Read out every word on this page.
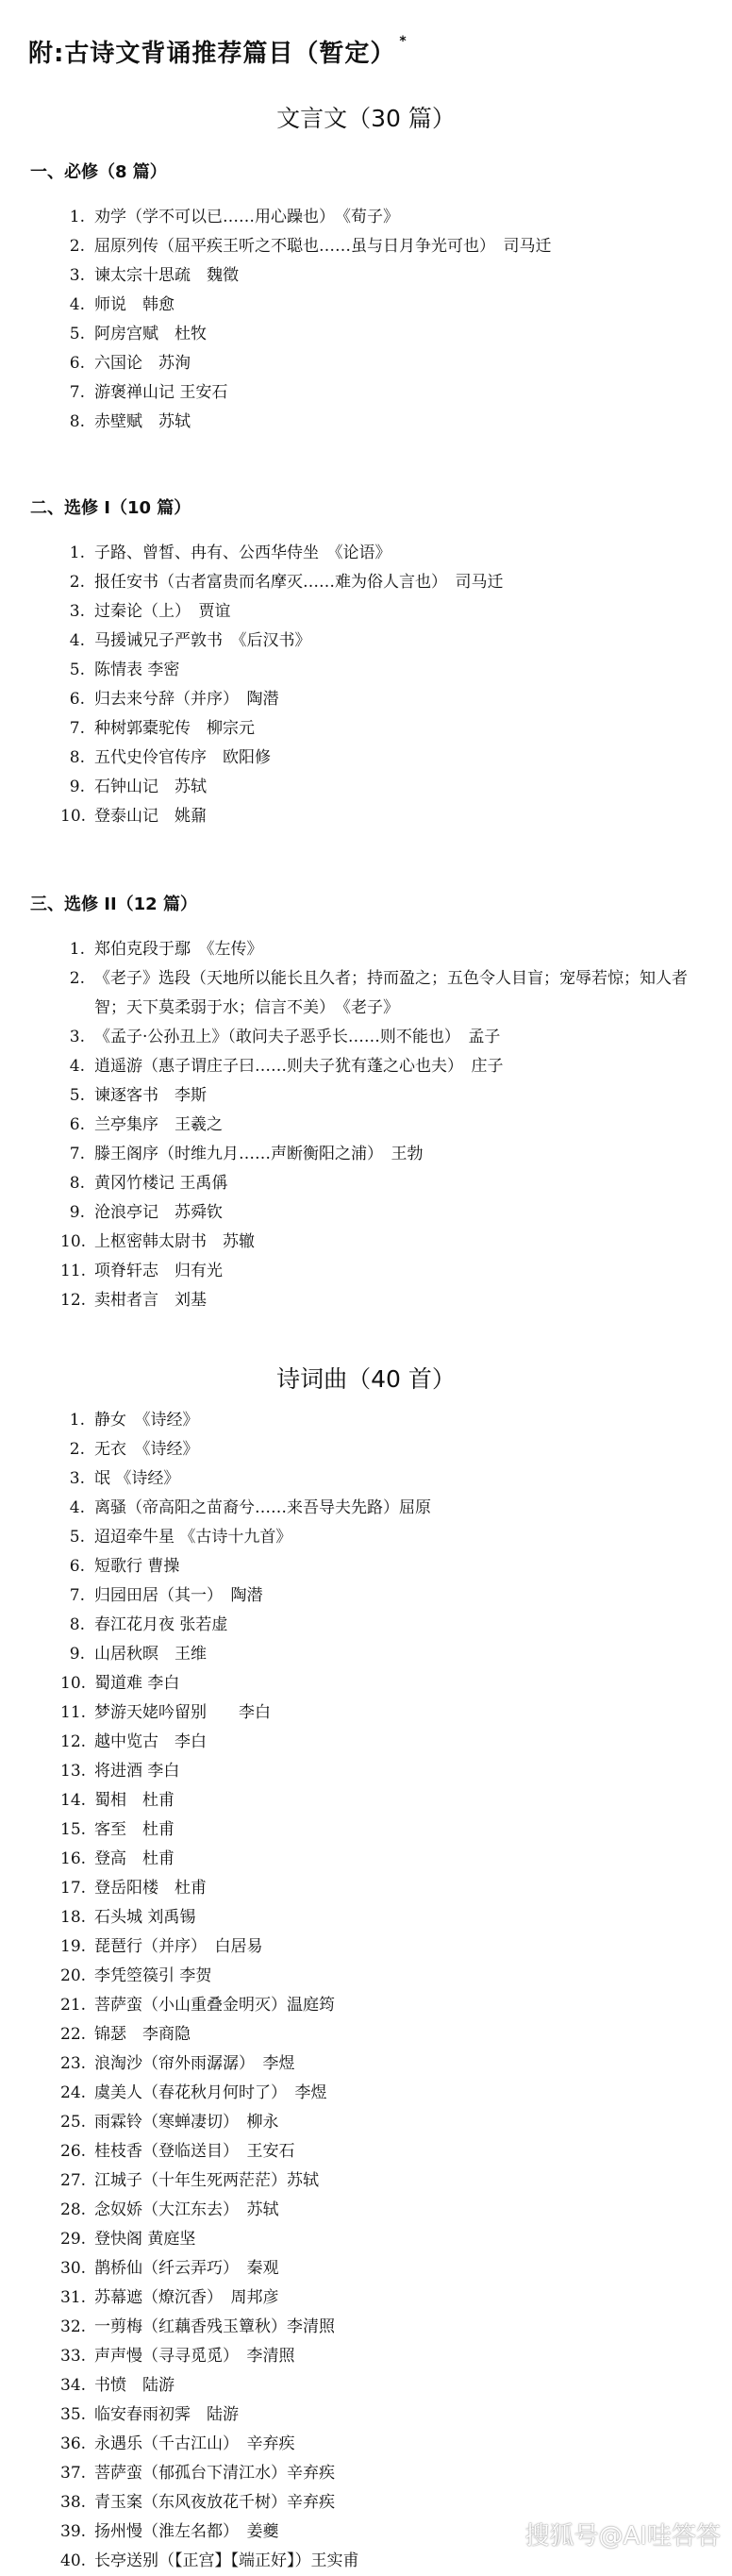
附:古诗文背诵推荐篇目（暂定） *
文言文（30 篇）
一、必修（8 篇）
1. 劝学（学不可以已……用心躁也）　《荀子》
2. 屈原列传（屈平疾王听之不聪也……虽与日月争光可也）　司马迁
3. 谏太宗十思疏　魏徵
4. 师说　韩愈
5. 阿房宫赋　杜牧
6. 六国论　苏洵
7. 游褒禅山记 王安石
8. 赤壁赋　苏轼
二、选修 I（10 篇）
1. 子路、曾皙、冉有、公西华侍坐　《论语》
2. 报任安书（古者富贵而名摩灭……难为俗人言也）　司马迁
3. 过秦论（上）　贾谊
4. 马援诫兄子严敦书　《后汉书》
5. 陈情表 李密
6. 归去来兮辞（并序）　陶潜
7. 种树郭橐驼传　柳宗元
8. 五代史伶官传序　欧阳修
9. 石钟山记　苏轼
10. 登泰山记　姚鼐
三、选修 II（12 篇）
1. 郑伯克段于鄢　《左传》
2. 《老子》选段（天地所以能长且久者；持而盈之；五色令人目盲；宠辱若惊；知人者智；天下莫柔弱于水；信言不美）　《老子》
3. 《孟子·公孙丑上》（敢问夫子恶乎长……则不能也）　孟子
4. 逍遥游（惠子谓庄子曰……则夫子犹有蓬之心也夫）　庄子
5. 谏逐客书　李斯
6. 兰亭集序　王羲之
7. 滕王阁序（时维九月……声断衡阳之浦）　王勃
8. 黄冈竹楼记 王禹偁
9. 沧浪亭记　苏舜钦
10. 上枢密韩太尉书　苏辙
11. 项脊轩志　归有光
12. 卖柑者言　刘基
诗词曲（40 首）
1. 静女　《诗经》
2. 无衣　《诗经》
3. 氓 《诗经》
4. 离骚（帝高阳之苗裔兮……来吾导夫先路）屈原
5. 迢迢牵牛星 《古诗十九首》
6. 短歌行 曹操
7. 归园田居（其一）　陶潜
8. 春江花月夜 张若虚
9. 山居秋暝　王维
10. 蜀道难 李白
11. 梦游天姥吟留别　　李白
12. 越中览古　李白
13. 将进酒 李白
14. 蜀相　杜甫
15. 客至　杜甫
16. 登高　杜甫
17. 登岳阳楼　杜甫
18. 石头城 刘禹锡
19. 琵琶行（并序）　白居易
20. 李凭箜篌引 李贺
21. 菩萨蛮（小山重叠金明灭）温庭筠
22. 锦瑟　李商隐
23. 浪淘沙（帘外雨潺潺）　李煜
24. 虞美人（春花秋月何时了）　李煜
25. 雨霖铃（寒蝉凄切）　柳永
26. 桂枝香（登临送目）　王安石
27. 江城子（十年生死两茫茫）苏轼
28. 念奴娇（大江东去）　苏轼
29. 登快阁 黄庭坚
30. 鹊桥仙（纤云弄巧）　秦观
31. 苏幕遮（燎沉香）　周邦彦
32. 一剪梅（红藕香残玉簟秋）李清照
33. 声声慢（寻寻觅觅）　李清照
34. 书愤　陆游
35. 临安春雨初霁　陆游
36. 永遇乐（千古江山）　辛弃疾
37. 菩萨蛮（郁孤台下清江水）辛弃疾
38. 青玉案（东风夜放花千树）辛弃疾
39. 扬州慢（淮左名都）　姜夔
40. 长亭送别（【正宫】【端正好】）王实甫
搜狐号@AI哇答答
